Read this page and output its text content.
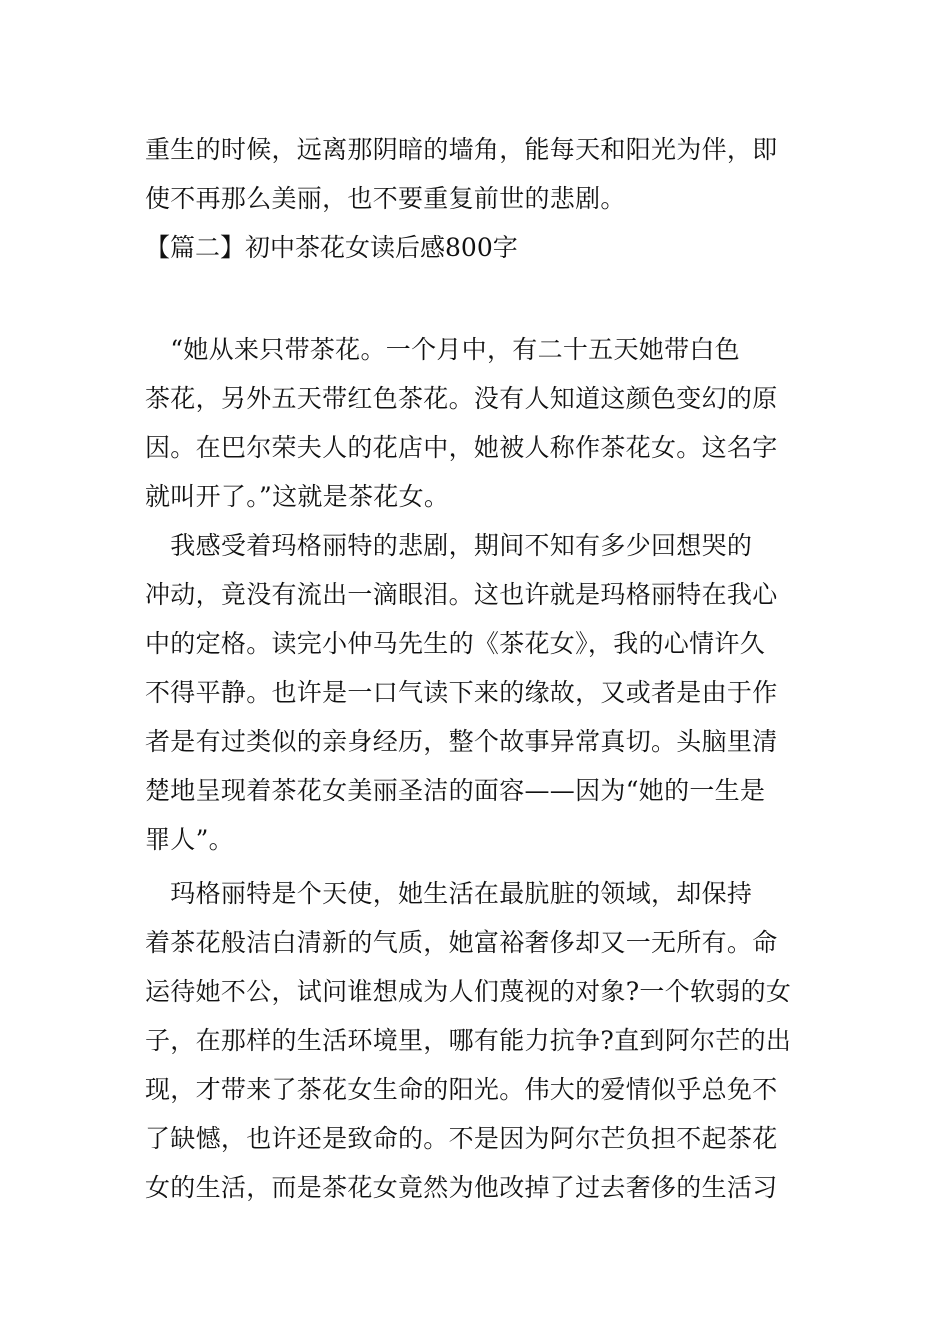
重生的时候，远离那阴暗的墙角，能每天和阳光为伴，即
使不再那么美丽，也不要重复前世的悲剧。
【篇二】初中茶花女读后感800字
　“她从来只带茶花。一个月中，有二十五天她带白色
茶花，另外五天带红色茶花。没有人知道这颜色变幻的原
因。在巴尔荣夫人的花店中，她被人称作茶花女。这名字
就叫开了。”这就是茶花女。
　我感受着玛格丽特的悲剧，期间不知有多少回想哭的
冲动，竟没有流出一滴眼泪。这也许就是玛格丽特在我心
中的定格。读完小仲马先生的《茶花女》，我的心情许久
不得平静。也许是一口气读下来的缘故，又或者是由于作
者是有过类似的亲身经历，整个故事异常真切。头脑里清
楚地呈现着茶花女美丽圣洁的面容——因为“她的一生是
罪人”。
　玛格丽特是个天使，她生活在最肮脏的领域，却保持
着茶花般洁白清新的气质，她富裕奢侈却又一无所有。命
运待她不公，试问谁想成为人们蔑视的对象?一个软弱的女
子，在那样的生活环境里，哪有能力抗争?直到阿尔芒的出
现，才带来了茶花女生命的阳光。伟大的爱情似乎总免不
了缺憾，也许还是致命的。不是因为阿尔芒负担不起茶花
女的生活，而是茶花女竟然为他改掉了过去奢侈的生活习
